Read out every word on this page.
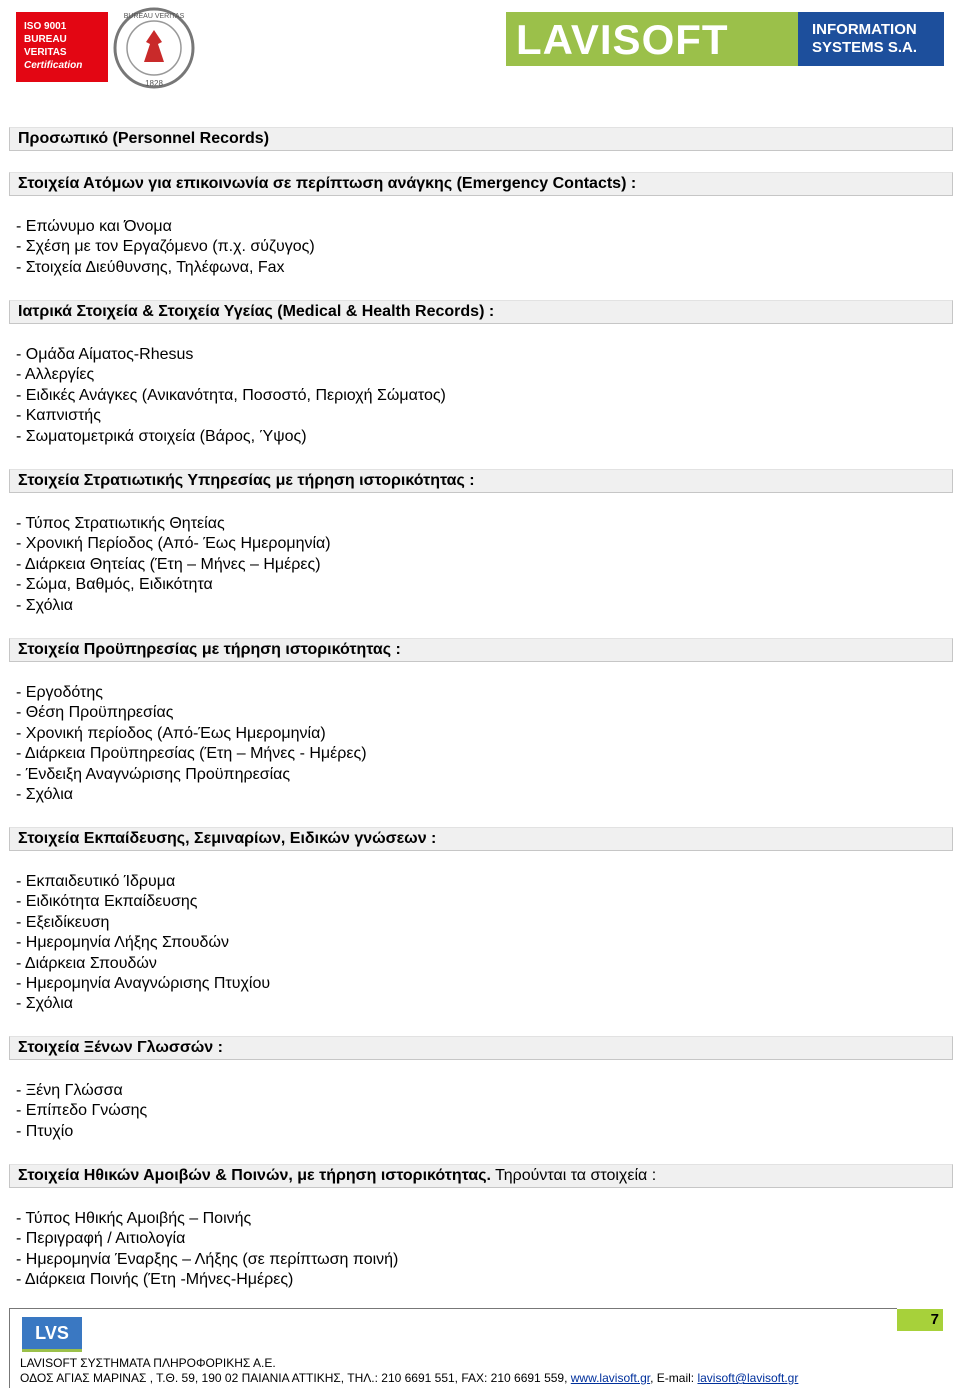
ISO 9001
BUREAU VERITAS
Certification
BUREAU VERITAS
1828
LAVISOFT	INFORMATION
SYSTEMS S.A.
Προσωπικό (Personnel Records)
Στοιχεία Ατόμων για επικοινωνία σε περίπτωση ανάγκης (Emergency Contacts) :
- Επώνυμο και Όνομα
- Σχέση με τον Εργαζόμενο (π.χ. σύζυγος)
- Στοιχεία Διεύθυνσης, Τηλέφωνα, Fax
Ιατρικά Στοιχεία & Στοιχεία Υγείας (Medical & Health Records) :
- Ομάδα Αίματος-Rhesus
- Αλλεργίες
- Ειδικές Ανάγκες (Ανικανότητα, Ποσοστό, Περιοχή Σώματος)
- Καπνιστής
- Σωματομετρικά στοιχεία (Βάρος, Ύψος)
Στοιχεία Στρατιωτικής Υπηρεσίας με τήρηση ιστορικότητας :
- Τύπος Στρατιωτικής Θητείας
- Χρονική Περίοδος (Από- Έως Ημερομηνία)
- Διάρκεια Θητείας (Έτη – Μήνες – Ημέρες)
- Σώμα, Βαθμός, Ειδικότητα
- Σχόλια
Στοιχεία Προϋπηρεσίας με τήρηση ιστορικότητας :
- Εργοδότης
- Θέση Προϋπηρεσίας
- Χρονική περίοδος (Από-Έως Ημερομηνία)
- Διάρκεια Προϋπηρεσίας (Έτη – Μήνες - Ημέρες)
- Ένδειξη Αναγνώρισης Προϋπηρεσίας
- Σχόλια
Στοιχεία Εκπαίδευσης, Σεμιναρίων, Ειδικών γνώσεων :
- Εκπαιδευτικό Ίδρυμα
- Ειδικότητα Εκπαίδευσης
- Εξειδίκευση
- Ημερομηνία Λήξης Σπουδών
- Διάρκεια Σπουδών
- Ημερομηνία Αναγνώρισης Πτυχίου
- Σχόλια
Στοιχεία Ξένων Γλωσσών :
- Ξένη Γλώσσα
- Επίπεδο Γνώσης
- Πτυχίο
Στοιχεία Ηθικών Αμοιβών & Ποινών, με τήρηση ιστορικότητας. Τηρούνται τα στοιχεία :
- Τύπος Ηθικής Αμοιβής – Ποινής
- Περιγραφή / Αιτιολογία
- Ημερομηνία Έναρξης – Λήξης (σε περίπτωση ποινή)
- Διάρκεια Ποινής (Έτη -Μήνες-Ημέρες)
LVS
7
LAVISOFT ΣΥΣΤΗΜΑΤΑ ΠΛΗΡΟΦΟΡΙΚΗΣ Α.Ε.
ΟΔΟΣ ΑΓΙΑΣ ΜΑΡΙΝΑΣ , Τ.Θ. 59, 190 02 ΠΑΙΑΝΙΑ ΑΤΤΙΚΗΣ, ΤΗΛ.: 210 6691 551, FAX: 210 6691 559, www.lavisoft.gr, E-mail: lavisoft@lavisoft.gr
